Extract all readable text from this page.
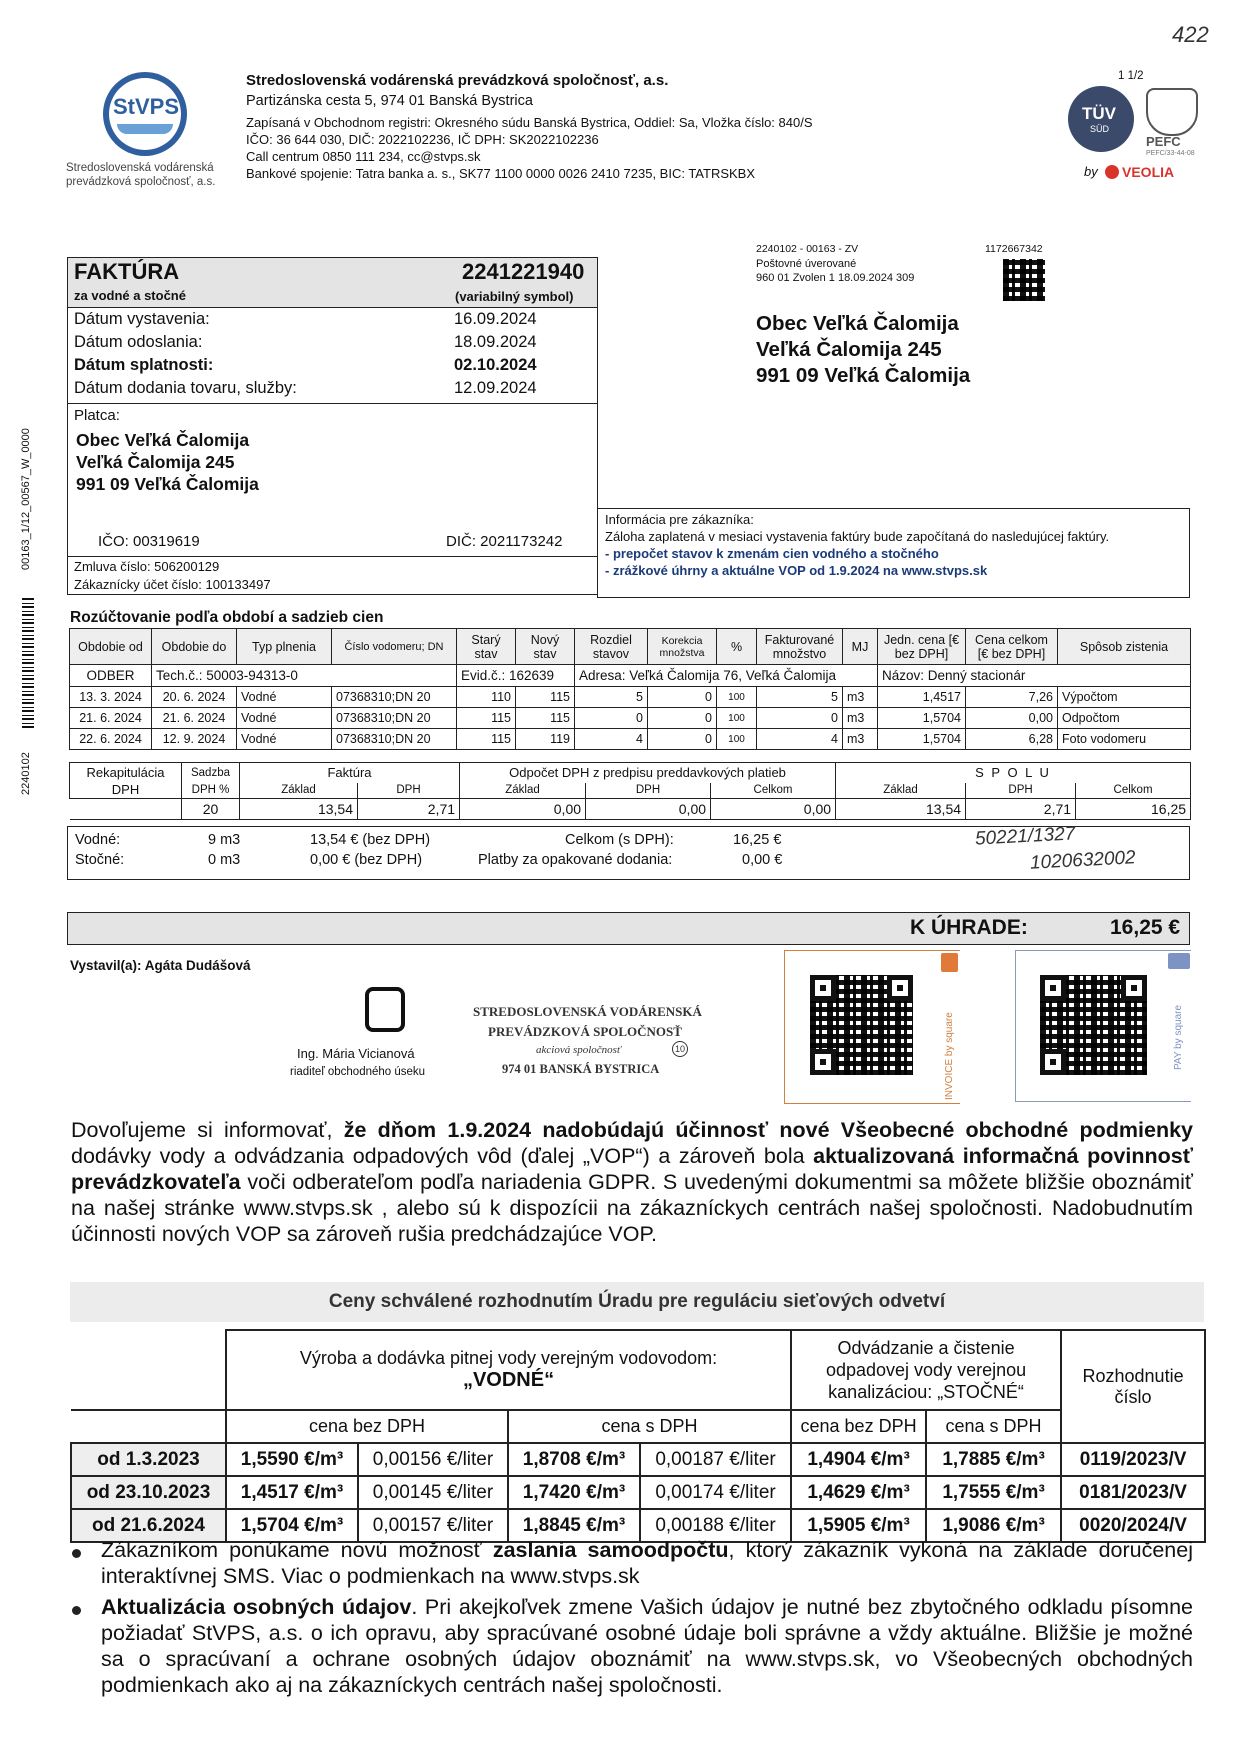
422
1 1/2
StVPS
Stredoslovenská vodárenská
prevádzková spoločnosť, a.s.
Stredoslovenská vodárenská prevádzková spoločnosť, a.s.
Partizánska cesta 5, 974 01 Banská Bystrica
Zapísaná v Obchodnom registri: Okresného súdu Banská Bystrica, Oddiel: Sa, Vložka číslo: 840/S
IČO: 36 644 030, DIČ: 2022102236, IČ DPH: SK2022102236
Call centrum 0850 111 234, cc@stvps.sk
Bankové spojenie: Tatra banka a. s., SK77 1100 0000 0026 2410 7235, BIC: TATRSKBX
TÜV
SÜD
PEFC
PEFC/33-44-08
by VEOLIA
00163_1/12_00567_W_0000
2240102
FAKTÚRA	2241221940
za vodné a stočné	(variabilný symbol)
Dátum vystavenia:	16.09.2024
Dátum odoslania:	18.09.2024
Dátum splatnosti:	02.10.2024
Dátum dodania tovaru, služby:	12.09.2024
Platca:
Obec Veľká Čalomija
Veľká Čalomija 245
991 09 Veľká Čalomija
IČO: 00319619	DIČ: 2021173242
Zmluva číslo: 506200129
Zákaznícky účet číslo: 100133497
2240102 - 00163 - ZV	1172667342
Poštovné úverované
960 01 Zvolen 1 18.09.2024 309
Obec Veľká Čalomija
Veľká Čalomija 245
991 09 Veľká Čalomija
Informácia pre zákazníka:
Záloha zaplatená v mesiaci vystavenia faktúry bude započítaná do nasledujúcej faktúry.
- prepočet stavov k zmenám cien vodného a stočného
- zrážkové úhrny a aktuálne VOP od 1.9.2024 na www.stvps.sk
Rozúčtovanie podľa období a sadzieb cien
Obdobie od	Obdobie do	Typ plnenia	Číslo vodomeru; DN	Starý stav	Nový stav	Rozdiel stavov	Korekcia množstva	%	Fakturované množstvo	MJ	Jedn. cena [€ bez DPH]	Cena celkom [€ bez DPH]	Spôsob zistenia
ODBER	Tech.č.: 50003-94313-0			Evid.č.: 162639		Adresa: Veľká Čalomija 76, Veľká Čalomija					Názov: Denný stacionár		
13. 3. 2024	20. 6. 2024	Vodné	07368310;DN 20	110	115	5	0	100	5	m3	1,4517	7,26	Výpočtom
21. 6. 2024	21. 6. 2024	Vodné	07368310;DN 20	115	115	0	0	100	0	m3	1,5704	0,00	Odpočtom
22. 6. 2024	12. 9. 2024	Vodné	07368310;DN 20	115	119	4	0	100	4	m3	1,5704	6,28	Foto vodomeru
Rekapitulácia
DPH	Sadzba	Faktúra		Odpočet DPH z predpisu preddavkových platieb			S P O L U		
	DPH %	Základ	DPH	Základ	DPH	Celkom	Základ	DPH	Celkom
	20	13,54	2,71	0,00	0,00	0,00	13,54	2,71	16,25
Vodné:	9 m3	13,54 € (bez DPH)
Stočné:	0 m3	0,00 € (bez DPH)
Celkom (s DPH):	16,25 €
Platby za opakované dodania:	0,00 €
50221/1327
1020632002
K ÚHRADE:	16,25 €
Vystavil(a): Agáta Dudášová
Ing. Mária Vicianová
riaditeľ obchodného úseku
STREDOSLOVENSKÁ VODÁRENSKÁ
PREVÁDZKOVÁ SPOLOČNOSŤ
akciová spoločnosť	10
974 01 BANSKÁ BYSTRICA	INVOICE by square	PAY by square
Dovoľujeme si informovať, že dňom 1.9.2024 nadobúdajú účinnosť nové Všeobecné obchodné podmienky dodávky vody a odvádzania odpadových vôd (ďalej „VOP“) a zároveň bola aktualizovaná informačná povinnosť prevádzkovateľa voči odberateľom podľa nariadenia GDPR. S uvedenými dokumentmi sa môžete bližšie oboznámiť na našej stránke www.stvps.sk , alebo sú k dispozícii na zákazníckych centrách našej spoločnosti. Nadobudnutím účinnosti nových VOP sa zároveň rušia predchádzajúce VOP.
Ceny schválené rozhodnutím Úradu pre reguláciu sieťových odvetví

	Výroba a dodávka pitnej vody verejným vodovodom:
„VODNÉ“				Odvádzanie a čistenie odpadovej vody verejnou kanalizáciou: „STOČNÉ“		Rozhodnutie číslo
	cena bez DPH		cena s DPH		cena bez DPH	cena s DPH	
od 1.3.2023	1,5590 €/m³	0,00156 €/liter	1,8708 €/m³	0,00187 €/liter	1,4904 €/m³	1,7885 €/m³	0119/2023/V
od 23.10.2023	1,4517 €/m³	0,00145 €/liter	1,7420 €/m³	0,00174 €/liter	1,4629 €/m³	1,7555 €/m³	0181/2023/V
od 21.6.2024	1,5704 €/m³	0,00157 €/liter	1,8845 €/m³	0,00188 €/liter	1,5905 €/m³	1,9086 €/m³	0020/2024/V
Zákazníkom ponúkame novú možnosť zaslania samoodpočtu, ktorý zákazník vykoná na základe doručenej interaktívnej SMS. Viac o podmienkach na www.stvps.sk
Aktualizácia osobných údajov. Pri akejkoľvek zmene Vašich údajov je nutné bez zbytočného odkladu písomne požiadať StVPS, a.s. o ich opravu, aby spracúvané osobné údaje boli správne a vždy aktuálne. Bližšie je možné sa o spracúvaní a ochrane osobných údajov oboznámiť na www.stvps.sk, vo Všeobecných obchodných podmienkach ako aj na zákazníckych centrách našej spoločnosti.
